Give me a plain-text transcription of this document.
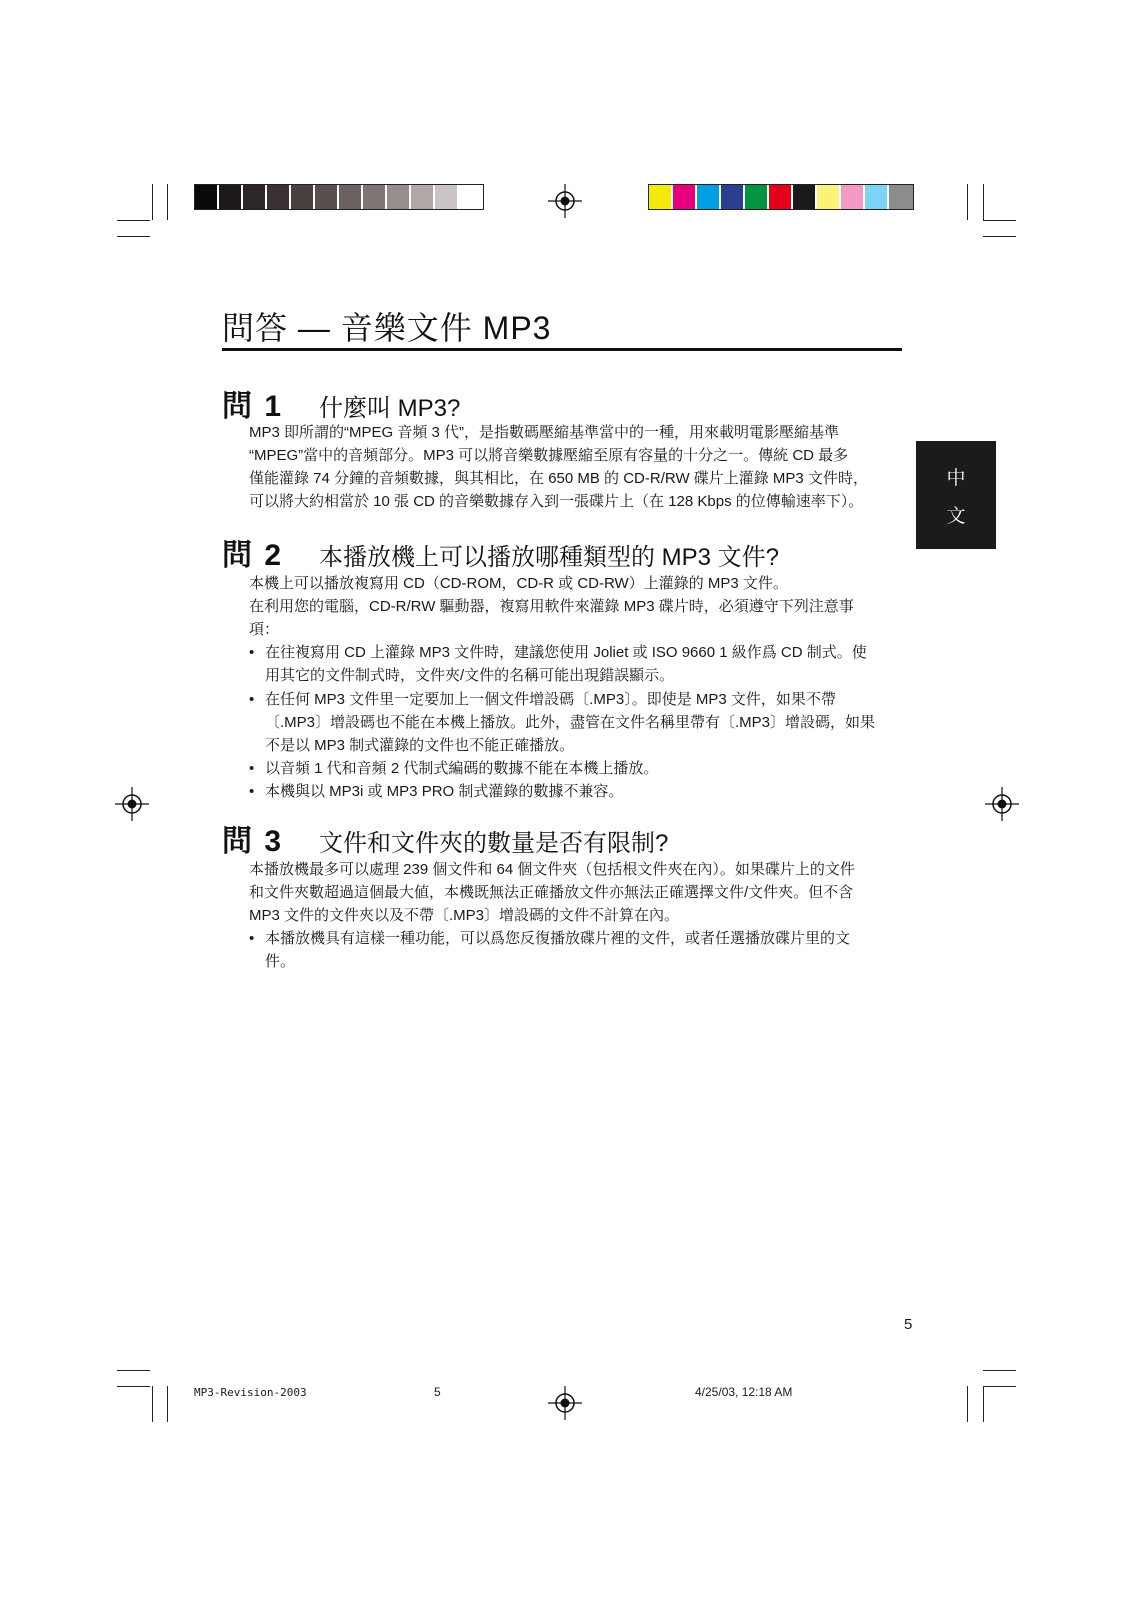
問答 — 音樂文件 MP3
中
文
問 1	什麼叫 MP3?
MP3 即所謂的“MPEG 音頻 3 代”，是指數碼壓縮基準當中的一種，用來載明電影壓縮基準
“MPEG”當中的音頻部分。MP3 可以將音樂數據壓縮至原有容量的十分之一。傳統 CD 最多
僅能灌錄 74 分鐘的音頻數據，與其相比，在 650 MB 的 CD-R/RW 碟片上灌錄 MP3 文件時，
可以將大約相當於 10 張 CD 的音樂數據存入到一張碟片上（在 128 Kbps 的位傳輸速率下）。
問 2	本播放機上可以播放哪種類型的 MP3 文件?
本機上可以播放複寫用 CD（CD-ROM，CD-R 或 CD-RW）上灌錄的 MP3 文件。
在利用您的電腦，CD-R/RW 驅動器，複寫用軟件來灌錄 MP3 碟片時，必須遵守下列注意事
項：
• 在往複寫用 CD 上灌錄 MP3 文件時，建議您使用 Joliet 或 ISO 9660 1 級作爲 CD 制式。使
用其它的文件制式時，文件夾/文件的名稱可能出現錯誤顯示。
• 在任何 MP3 文件里一定要加上一個文件增設碼〔.MP3〕。即使是 MP3 文件，如果不帶
〔.MP3〕增設碼也不能在本機上播放。此外，盡管在文件名稱里帶有〔.MP3〕增設碼，如果
不是以 MP3 制式灌錄的文件也不能正確播放。
• 以音頻 1 代和音頻 2 代制式編碼的數據不能在本機上播放。
• 本機與以 MP3i 或 MP3 PRO 制式灌錄的數據不兼容。
問 3	文件和文件夾的數量是否有限制?
本播放機最多可以處理 239 個文件和 64 個文件夾（包括根文件夾在內）。如果碟片上的文件
和文件夾數超過這個最大値，本機既無法正確播放文件亦無法正確選擇文件/文件夾。但不含
MP3 文件的文件夾以及不帶〔.MP3〕增設碼的文件不計算在內。
• 本播放機具有這樣一種功能，可以爲您反復播放碟片裡的文件，或者任選播放碟片里的文
件。
5
MP3-Revision-2003	5	4/25/03, 12:18 AM
